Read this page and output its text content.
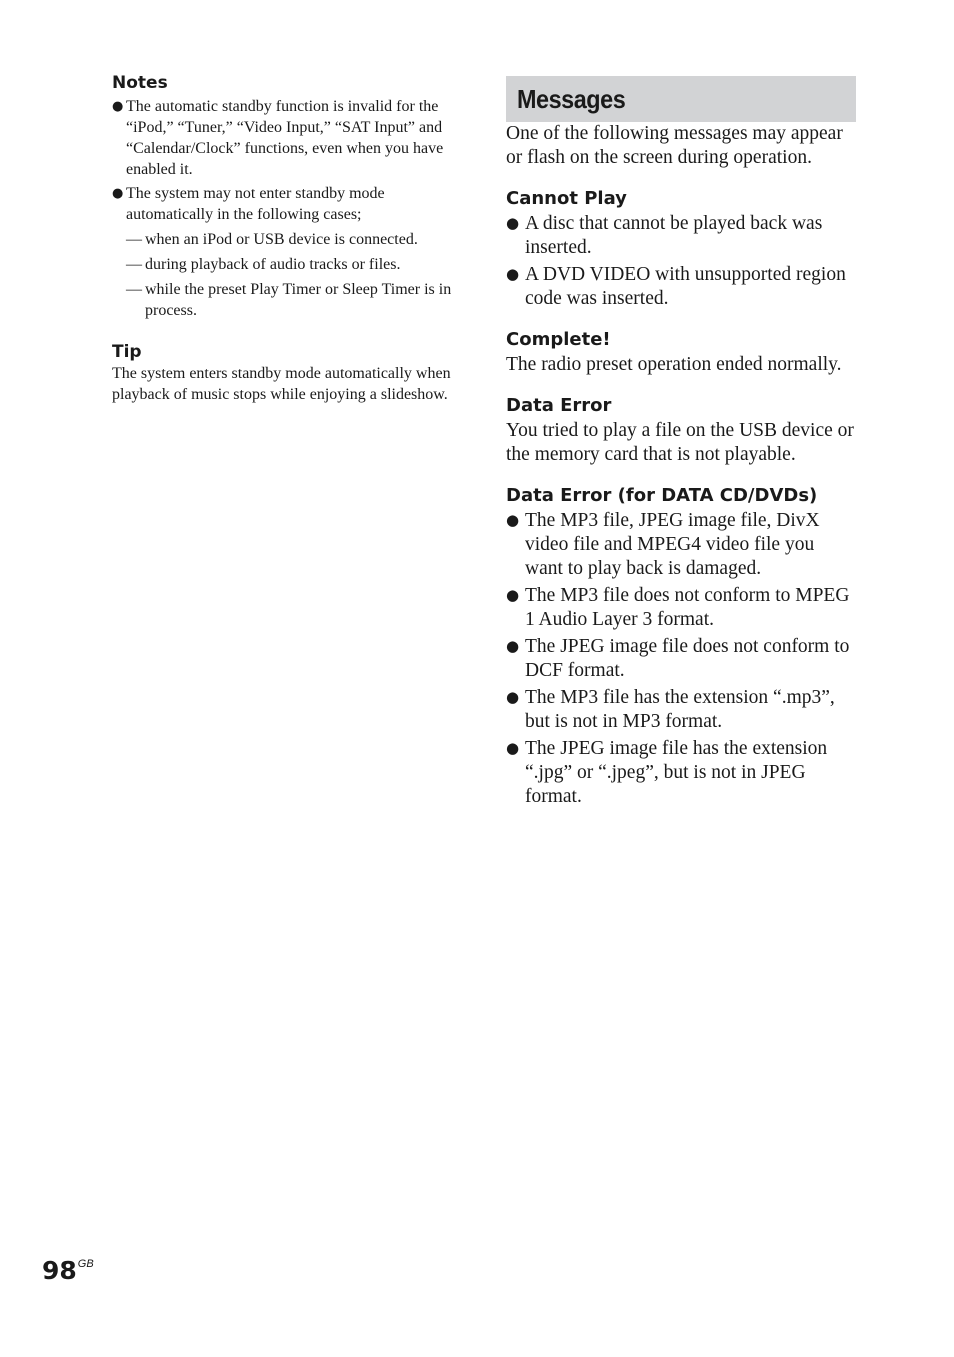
Notes
● The automatic standby function is invalid for the “iPod,” “Tuner,” “Video Input,” “SAT Input” and “Calendar/Clock” functions, even when you have enabled it.
● The system may not enter standby mode automatically in the following cases;
— when an iPod or USB device is connected.
— during playback of audio tracks or files.
— while the preset Play Timer or Sleep Timer is in process.
Tip

The system enters standby mode automatically when playback of music stops while enjoying a slideshow.

Messages

One of the following messages may appear or flash on the screen during operation.

Cannot Play
● A disc that cannot be played back was inserted.
● A DVD VIDEO with unsupported region code was inserted.
Complete!

The radio preset operation ended normally.

Data Error

You tried to play a file on the USB device or the memory card that is not playable.

Data Error (for DATA CD/DVDs)
● The MP3 file, JPEG image file, DivX video file and MPEG4 video file you want to play back is damaged.
● The MP3 file does not conform to MPEG 1 Audio Layer 3 format.
● The JPEG image file does not conform to DCF format.
● The MP3 file has the extension “.mp3”, but is not in MP3 format.
● The JPEG image file has the extension “.jpg” or “.jpeg”, but is not in JPEG format.
$98^{GB}$
